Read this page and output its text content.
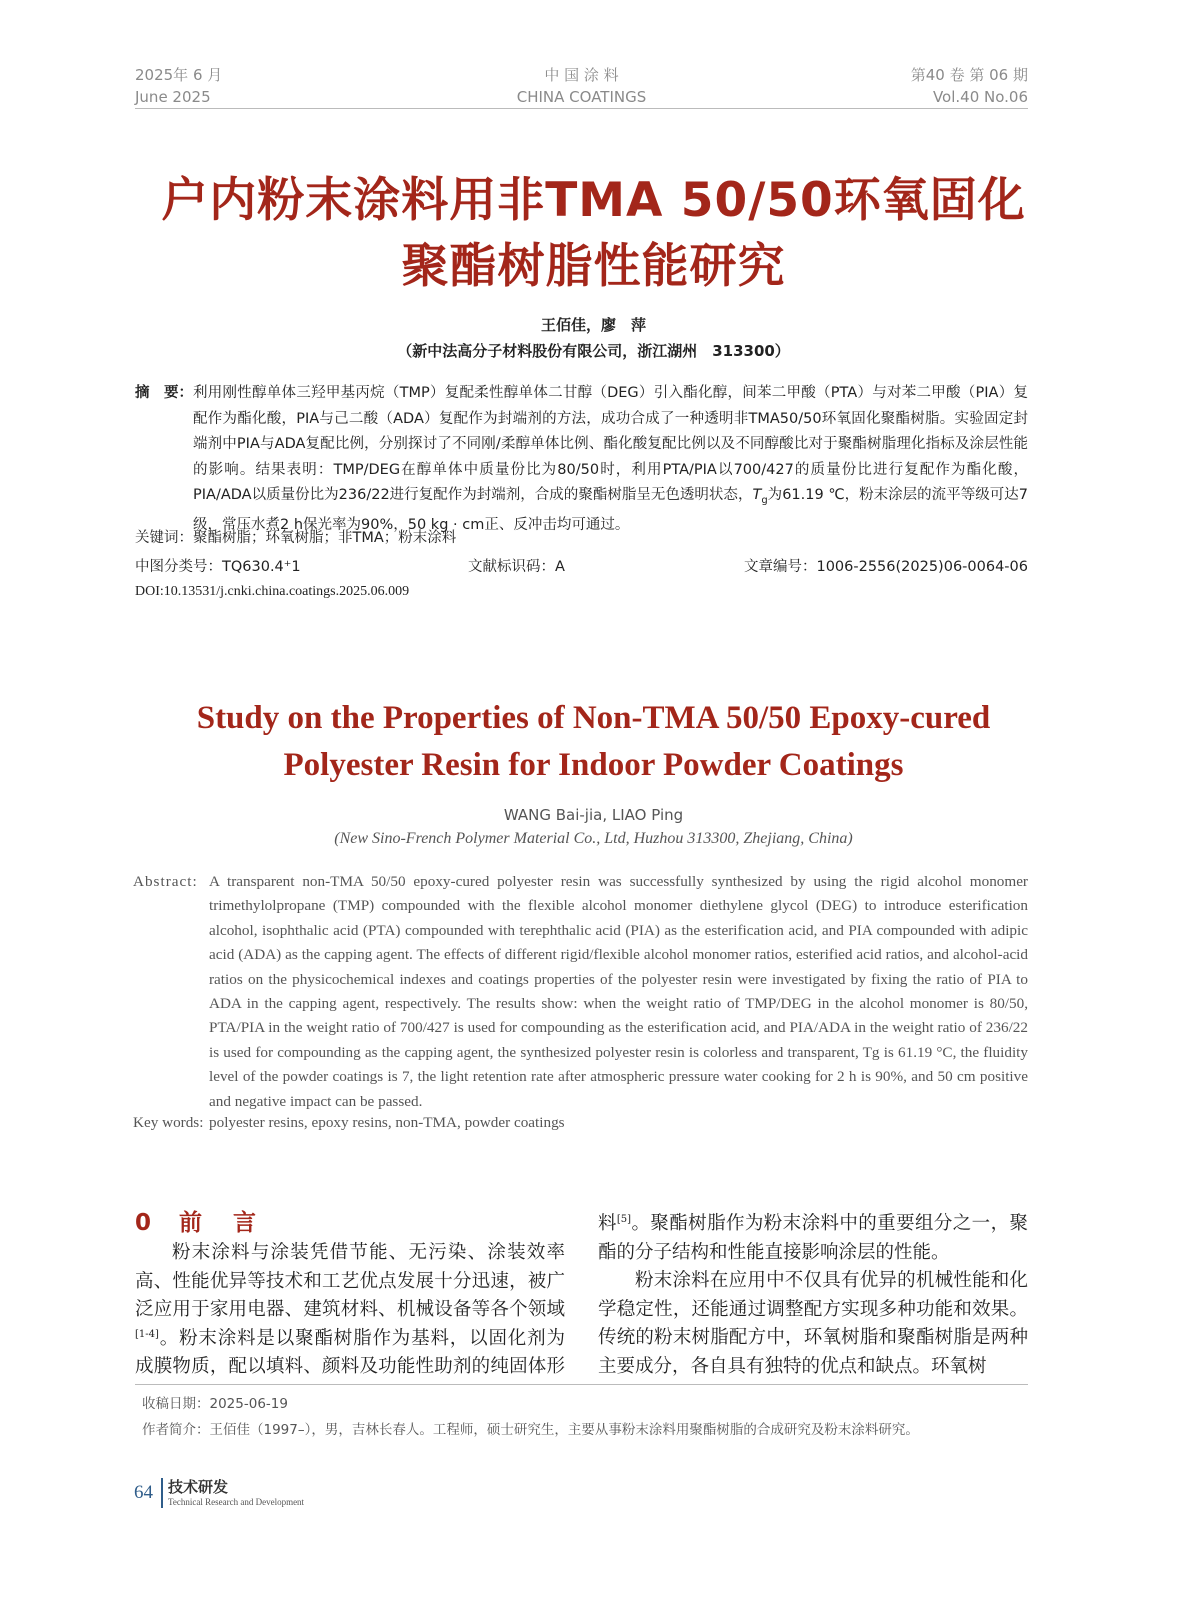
2025年 6 月
June 2025
中 国 涂 料
CHINA COATINGS
第40 卷 第 06 期
Vol.40 No.06
户内粉末涂料用非TMA 50/50环氧固化
聚酯树脂性能研究
王佰佳，廖　萍
（新中法高分子材料股份有限公司，浙江湖州　313300）
摘　要： 利用刚性醇单体三羟甲基丙烷（TMP）复配柔性醇单体二甘醇（DEG）引入酯化醇，间苯二甲酸（PTA）与对苯二甲酸（PIA）复配作为酯化酸，PIA与己二酸（ADA）复配作为封端剂的方法，成功合成了一种透明非TMA50/50环氧固化聚酯树脂。实验固定封端剂中PIA与ADA复配比例，分别探讨了不同刚/柔醇单体比例、酯化酸复配比例以及不同醇酸比对于聚酯树脂理化指标及涂层性能的影响。结果表明：TMP/DEG在醇单体中质量份比为80/50时，利用PTA/PIA以700/427的质量份比进行复配作为酯化酸，PIA/ADA以质量份比为236/22进行复配作为封端剂，合成的聚酯树脂呈无色透明状态，$T_g$为61.19 ℃，粉末涂层的流平等级可达7级，常压水煮2 h保光率为90%，50 kg · cm正、反冲击均可通过。
关键词：聚酯树脂；环氧树脂；非TMA；粉末涂料
中图分类号：TQ630.4⁺1	文献标识码：A	文章编号：1006-2556(2025)06-0064-06
DOI:10.13531/j.cnki.china.coatings.2025.06.009
Study on the Properties of Non-TMA 50/50 Epoxy-cured
Polyester Resin for Indoor Powder Coatings
WANG Bai-jia, LIAO Ping
(New Sino-French Polymer Material Co., Ltd, Huzhou 313300, Zhejiang, China)
Abstract: A transparent non-TMA 50/50 epoxy-cured polyester resin was successfully synthesized by using the rigid alcohol monomer trimethylolpropane (TMP) compounded with the flexible alcohol monomer diethylene glycol (DEG) to introduce esterification alcohol, isophthalic acid (PTA) compounded with terephthalic acid (PIA) as the esterification acid, and PIA compounded with adipic acid (ADA) as the capping agent. The effects of different rigid/flexible alcohol monomer ratios, esterified acid ratios, and alcohol-acid ratios on the physicochemical indexes and coatings properties of the polyester resin were investigated by fixing the ratio of PIA to ADA in the capping agent, respectively. The results show: when the weight ratio of TMP/DEG in the alcohol monomer is 80/50, PTA/PIA in the weight ratio of 700/427 is used for compounding as the esterification acid, and PIA/ADA in the weight ratio of 236/22 is used for compounding as the capping agent, the synthesized polyester resin is colorless and transparent, Tg is 61.19 °C, the fluidity level of the powder coatings is 7, the light retention rate after atmospheric pressure water cooking for 2 h is 90%, and 50 cm positive and negative impact can be passed.
Key words: polyester resins, epoxy resins, non-TMA, powder coatings
0 前　言

粉末涂料与涂装凭借节能、无污染、涂装效率高、性能优异等技术和工艺优点发展十分迅速，被广泛应用于家用电器、建筑材料、机械设备等各个领域[1-4]。粉末涂料是以聚酯树脂作为基料，以固化剂为成膜物质，配以填料、颜料及功能性助剂的纯固体形

料[5]。聚酯树脂作为粉末涂料中的重要组分之一，聚酯的分子结构和性能直接影响涂层的性能。

粉末涂料在应用中不仅具有优异的机械性能和化学稳定性，还能通过调整配方实现多种功能和效果。传统的粉末树脂配方中，环氧树脂和聚酯树脂是两种主要成分，各自具有独特的优点和缺点。环氧树

收稿日期：2025-06-19
作者简介：王佰佳（1997–），男，吉林长春人。工程师，硕士研究生，主要从事粉末涂料用聚酯树脂的合成研究及粉末涂料研究。
64 技术研发
Technical Research and Development
